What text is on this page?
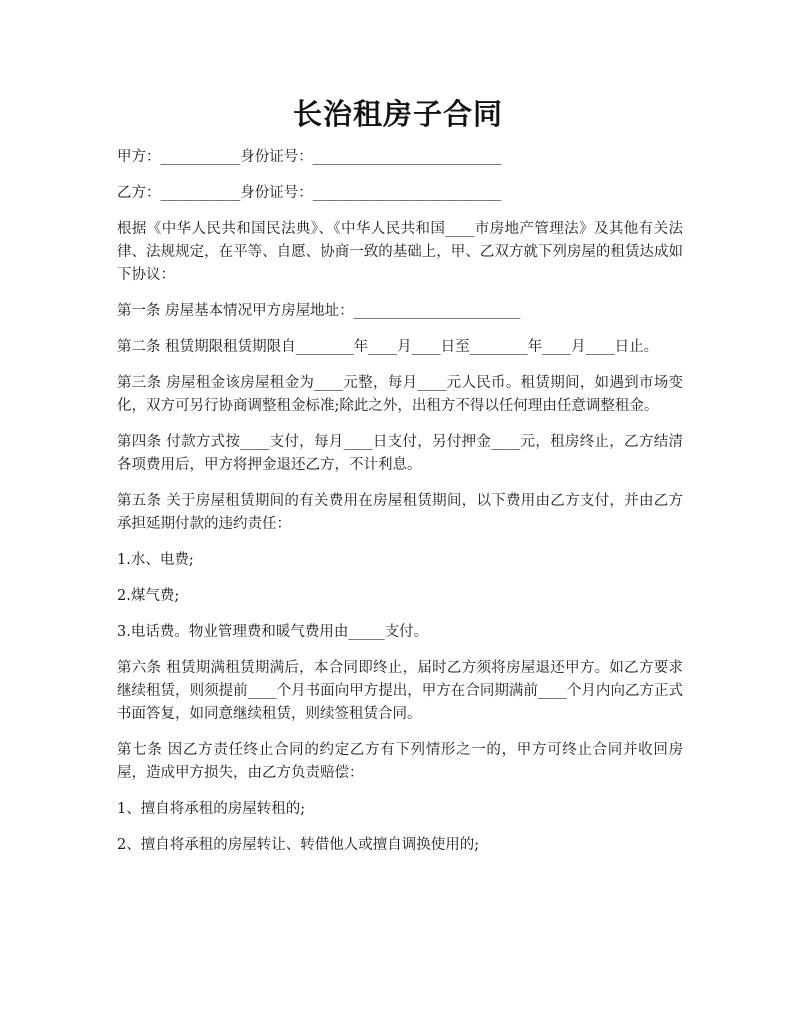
长治租房子合同

甲方：___________身份证号：__________________________

乙方：___________身份证号：__________________________

根据《中华人民共和国民法典》、《中华人民共和国____市房地产管理法》及其他有关法律、法规规定，在平等、自愿、协商一致的基础上，甲、乙双方就下列房屋的租赁达成如下协议：

第一条 房屋基本情况甲方房屋地址：_______________________

第二条 租赁期限租赁期限自________年____月____日至________年____月____日止。

第三条 房屋租金该房屋租金为____元整，每月____元人民币。租赁期间，如遇到市场变化，双方可另行协商调整租金标准;除此之外，出租方不得以任何理由任意调整租金。

第四条 付款方式按____支付，每月____日支付，另付押金____元，租房终止，乙方结清各项费用后，甲方将押金退还乙方，不计利息。

第五条 关于房屋租赁期间的有关费用在房屋租赁期间，以下费用由乙方支付，并由乙方承担延期付款的违约责任：

1.水、电费;

2.煤气费;

3.电话费。物业管理费和暖气费用由_____支付。

第六条 租赁期满租赁期满后，本合同即终止，届时乙方须将房屋退还甲方。如乙方要求继续租赁，则须提前____个月书面向甲方提出，甲方在合同期满前____个月内向乙方正式书面答复，如同意继续租赁，则续签租赁合同。

第七条 因乙方责任终止合同的约定乙方有下列情形之一的，甲方可终止合同并收回房屋，造成甲方损失，由乙方负责赔偿：

1、擅自将承租的房屋转租的;

2、擅自将承租的房屋转让、转借他人或擅自调换使用的;
